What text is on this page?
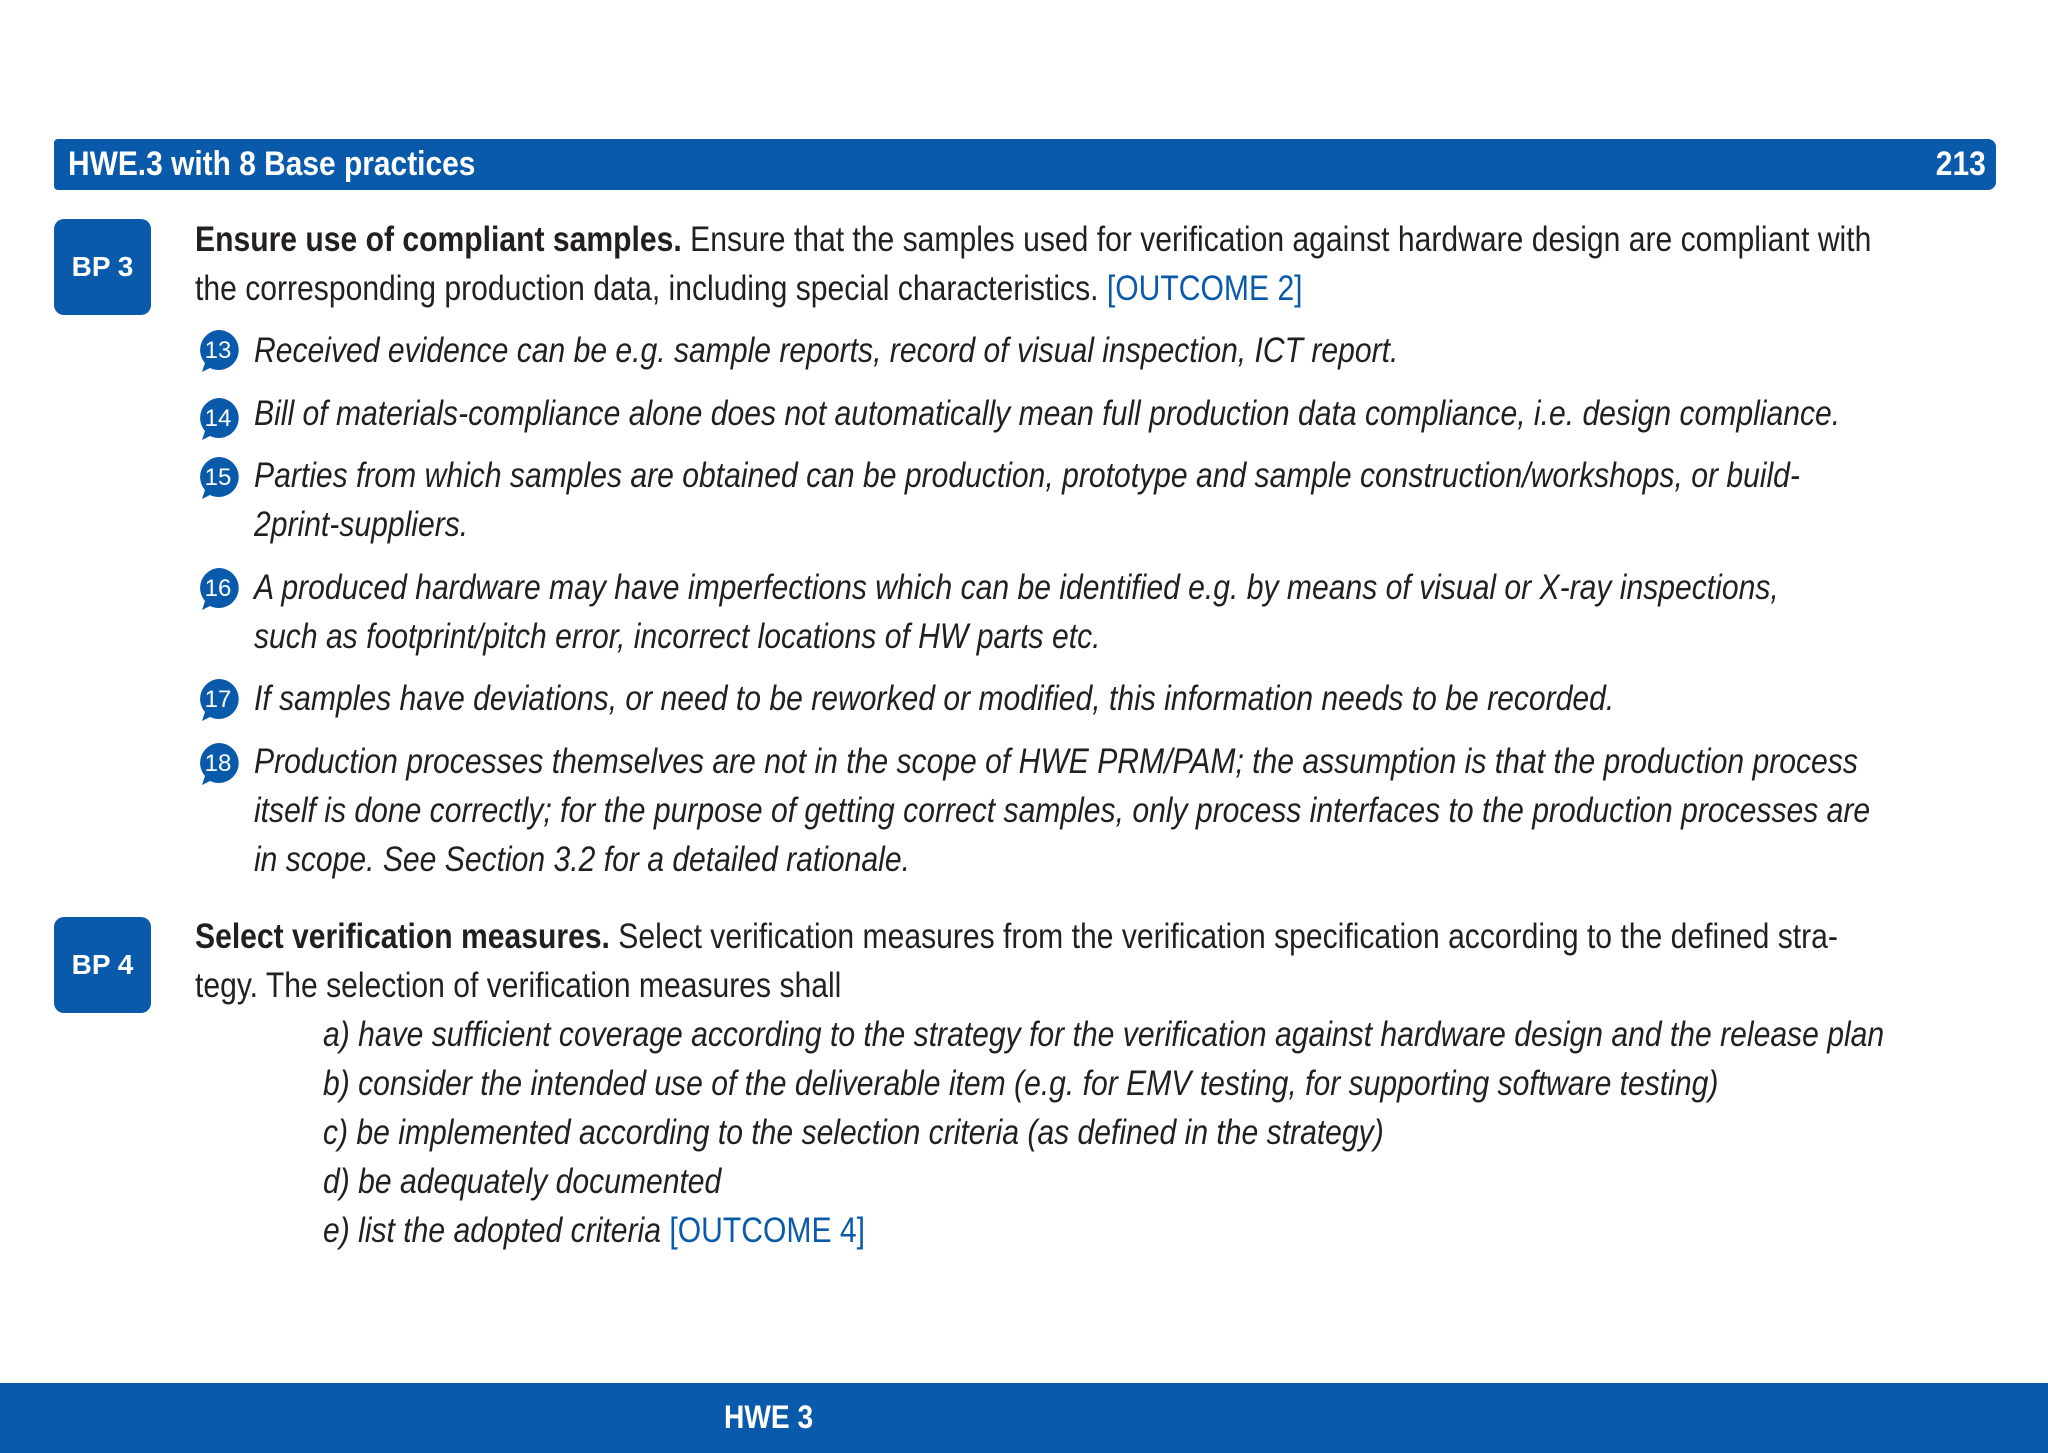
HWE.3 with 8 Base practices	213
BP 3
Ensure use of compliant samples. Ensure that the samples used for verification against hardware design are compliant with
the corresponding production data, including special characteristics. [OUTCOME 2]
13 Received evidence can be e.g. sample reports, record of visual inspection, ICT report.
14 Bill of materials-compliance alone does not automatically mean full production data compliance, i.e. design compliance.
15 Parties from which samples are obtained can be production, prototype and sample construction/workshops, or build-
2print-suppliers.
16 A produced hardware may have imperfections which can be identified e.g. by means of visual or X-ray inspections,
such as footprint/pitch error, incorrect locations of HW parts etc.
17 If samples have deviations, or need to be reworked or modified, this information needs to be recorded.
18 Production processes themselves are not in the scope of HWE PRM/PAM; the assumption is that the production process
itself is done correctly; for the purpose of getting correct samples, only process interfaces to the production processes are
in scope. See Section 3.2 for a detailed rationale.
BP 4
Select verification measures. Select verification measures from the verification specification according to the defined stra-
tegy. The selection of verification measures shall
a) have sufficient coverage according to the strategy for the verification against hardware design and the release plan
b) consider the intended use of the deliverable item (e.g. for EMV testing, for supporting software testing)
c) be implemented according to the selection criteria (as defined in the strategy)
d) be adequately documented
e) list the adopted criteria [OUTCOME 4]
HWE 3
